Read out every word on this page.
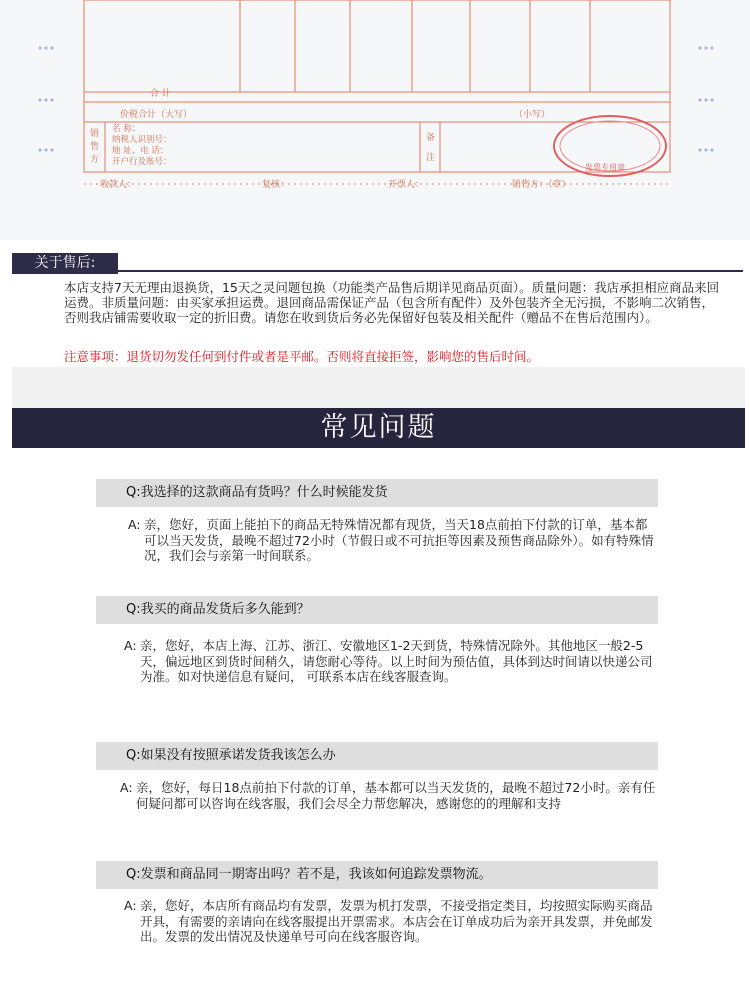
合 计
价税合计（大写）	（小写）
销售方
备注
名 称：
纳税人识别号：
地 址、电 话：
开户行及账号：
收款人：	复核：	开票人：	销售方：（章）
发票专用章
关于售后:

本店支持7天无理由退换货，15天之灵问题包换（功能类产品售后期详见商品页面）。质量问题：我店承担相应商品来回运费。非质量问题：由买家承担运费。退回商品需保证产品（包含所有配件）及外包装齐全无污损，不影响二次销售，否则我店铺需要收取一定的折旧费。请您在收到货后务必先保留好包装及相关配件（赠品不在售后范围内）。

注意事项：退货切勿发任何到付件或者是平邮。否则将直接拒签，影响您的售后时间。
常见问题
Q:我选择的这款商品有货吗？什么时候能发货
A: 亲，您好，页面上能拍下的商品无特殊情况都有现货，当天18点前拍下付款的订单，基本都可以当天发货，最晚不超过72小时（节假日或不可抗拒等因素及预售商品除外）。如有特殊情况，我们会与亲第一时间联系。
Q:我买的商品发货后多久能到？
A: 亲，您好，本店上海、江苏、浙江、安徽地区1-2天到货，特殊情况除外。其他地区一般2-5天，偏远地区到货时间稍久，请您耐心等待。以上时间为预估值，具体到达时间请以快递公司为准。如对快递信息有疑问， 可联系本店在线客服查询。
Q:如果没有按照承诺发货我该怎么办
A: 亲，您好，每日18点前拍下付款的订单，基本都可以当天发货的，最晚不超过72小时。亲有任何疑问都可以咨询在线客服，我们会尽全力帮您解决，感谢您的的理解和支持
Q:发票和商品同一期寄出吗？若不是，我该如何追踪发票物流。
A: 亲，您好，本店所有商品均有发票，发票为机打发票，不接受指定类目，均按照实际购买商品开具，有需要的亲请向在线客服提出开票需求。本店会在订单成功后为亲开具发票，并免邮发出。发票的发出情况及快递单号可向在线客服咨询。
